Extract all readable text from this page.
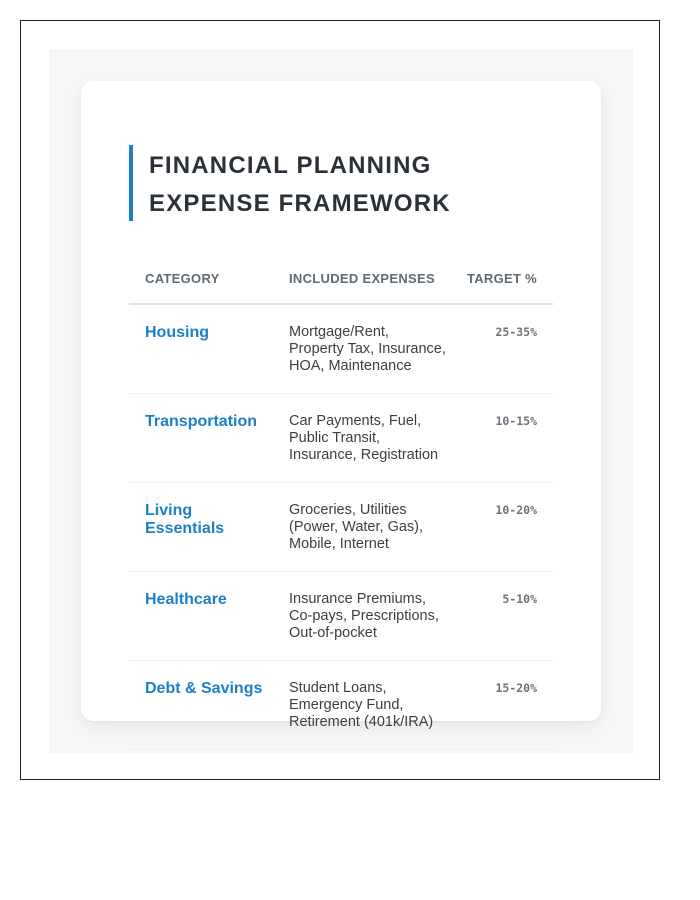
FINANCIAL PLANNING
EXPENSE FRAMEWORK
CATEGORY	INCLUDED EXPENSES	TARGET %
Housing	Mortgage/Rent, Property Tax, Insurance, HOA, Maintenance	25-35%
Transportation	Car Payments, Fuel, Public Transit, Insurance, Registration	10-15%
Living Essentials	Groceries, Utilities (Power, Water, Gas), Mobile, Internet	10-20%
Healthcare	Insurance Premiums, Co-pays, Prescriptions, Out-of-pocket	5-10%
Debt & Savings	Student Loans, Emergency Fund, Retirement (401k/IRA)	15-20%
